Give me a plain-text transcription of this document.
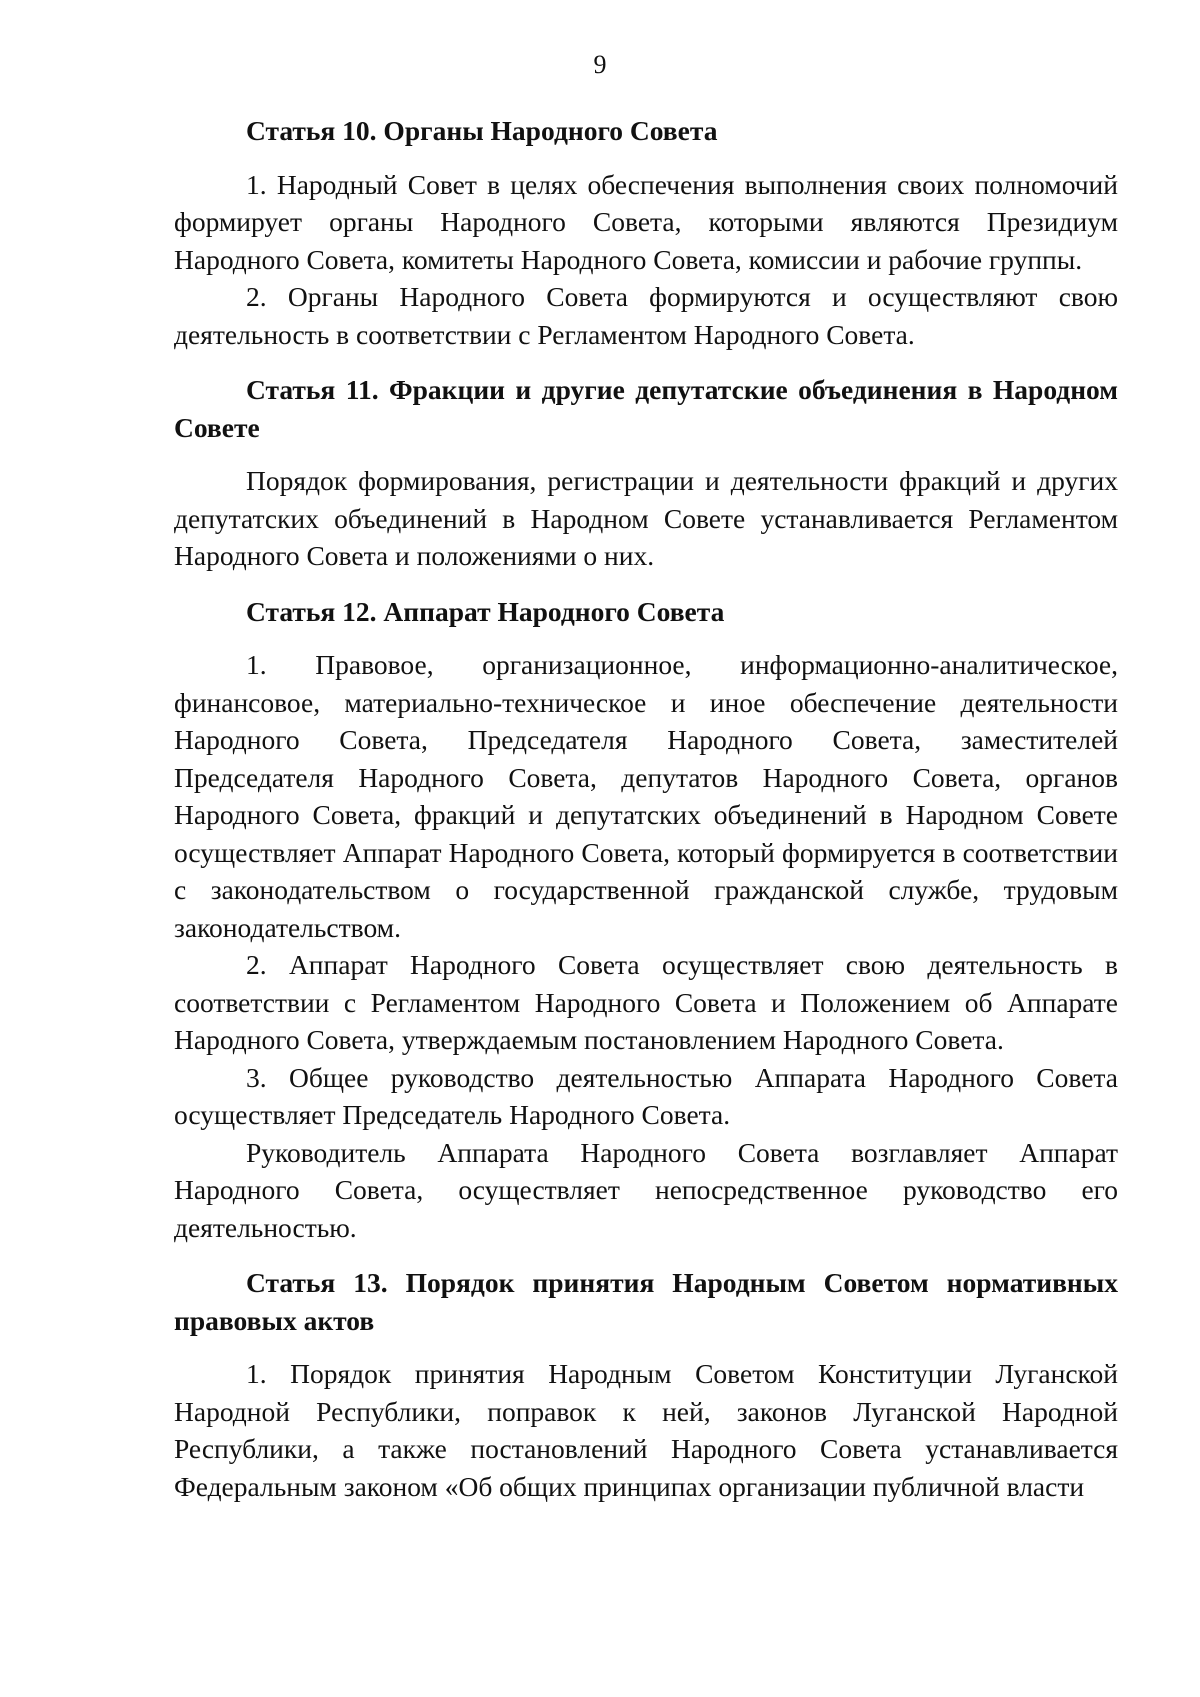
9

Статья 10. Органы Народного Совета

1. Народный Совет в целях обеспечения выполнения своих полномочий формирует органы Народного Совета, которыми являются Президиум Народного Совета, комитеты Народного Совета, комиссии и рабочие группы.

2. Органы Народного Совета формируются и осуществляют свою деятельность в соответствии с Регламентом Народного Совета.

Статья 11. Фракции и другие депутатские объединения в Народном Совете

Порядок формирования, регистрации и деятельности фракций и других депутатских объединений в Народном Совете устанавливается Регламентом Народного Совета и положениями о них.

Статья 12. Аппарат Народного Совета

1. Правовое, организационное, информационно-аналитическое, финансовое, материально-техническое и иное обеспечение деятельности Народного Совета, Председателя Народного Совета, заместителей Председателя Народного Совета, депутатов Народного Совета, органов Народного Совета, фракций и депутатских объединений в Народном Совете осуществляет Аппарат Народного Совета, который формируется в соответствии с законодательством о государственной гражданской службе, трудовым законодательством.

2. Аппарат Народного Совета осуществляет свою деятельность в соответствии с Регламентом Народного Совета и Положением об Аппарате Народного Совета, утверждаемым постановлением Народного Совета.

3. Общее руководство деятельностью Аппарата Народного Совета осуществляет Председатель Народного Совета.

Руководитель Аппарата Народного Совета возглавляет Аппарат Народного Совета, осуществляет непосредственное руководство его деятельностью.

Статья 13. Порядок принятия Народным Советом нормативных правовых актов

1. Порядок принятия Народным Советом Конституции Луганской Народной Республики, поправок к ней, законов Луганской Народной Республики, а также постановлений Народного Совета устанавливается Федеральным законом «Об общих принципах организации публичной власти
